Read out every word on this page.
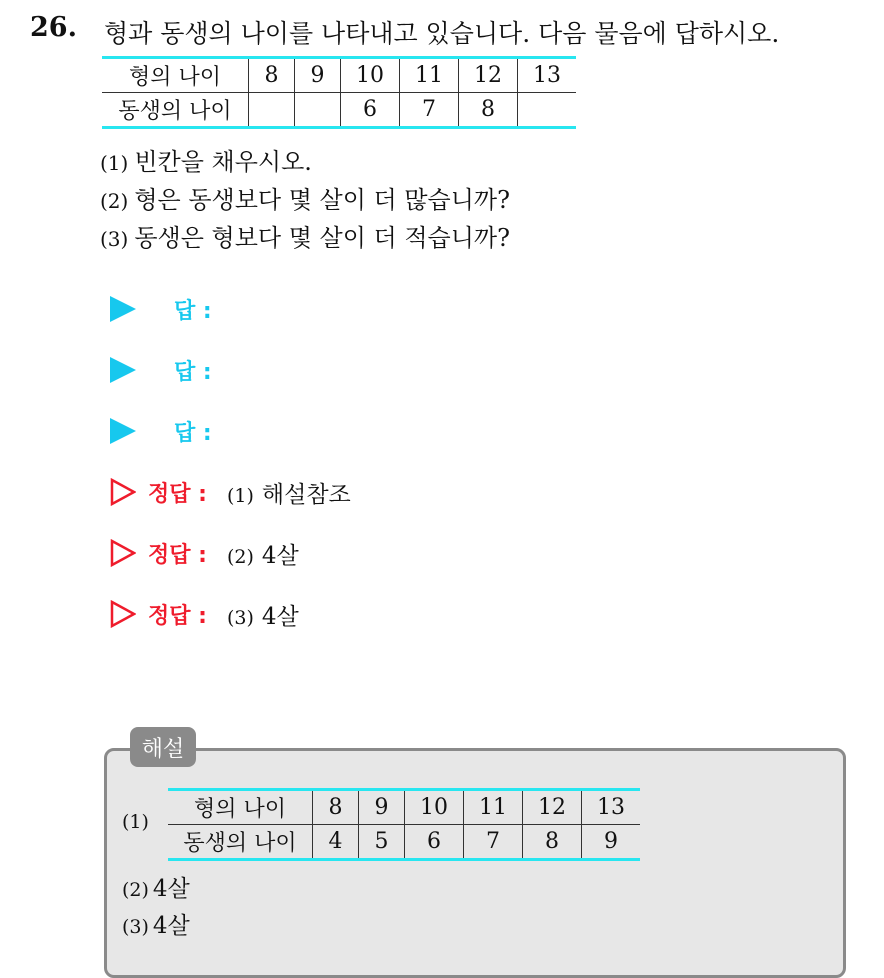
26. 형과 동생의 나이를 나타내고 있습니다. 다음 물음에 답하시오.
형의 나이	8	9	10	11	12	13
동생의 나이			6	7	8	
(1) 빈칸을 채우시오.
(2) 형은 동생보다 몇 살이 더 많습니까?
(3) 동생은 형보다 몇 살이 더 적습니까?
답 :
답 :
답 :
정답 : (1) 해설참조
정답 : (2) 4살
정답 : (3) 4살
해설
(1) 형의 나이	8	9	10	11	12	13
동생의 나이	4	5	6	7	8	9
(2) 4살
(3) 4살
